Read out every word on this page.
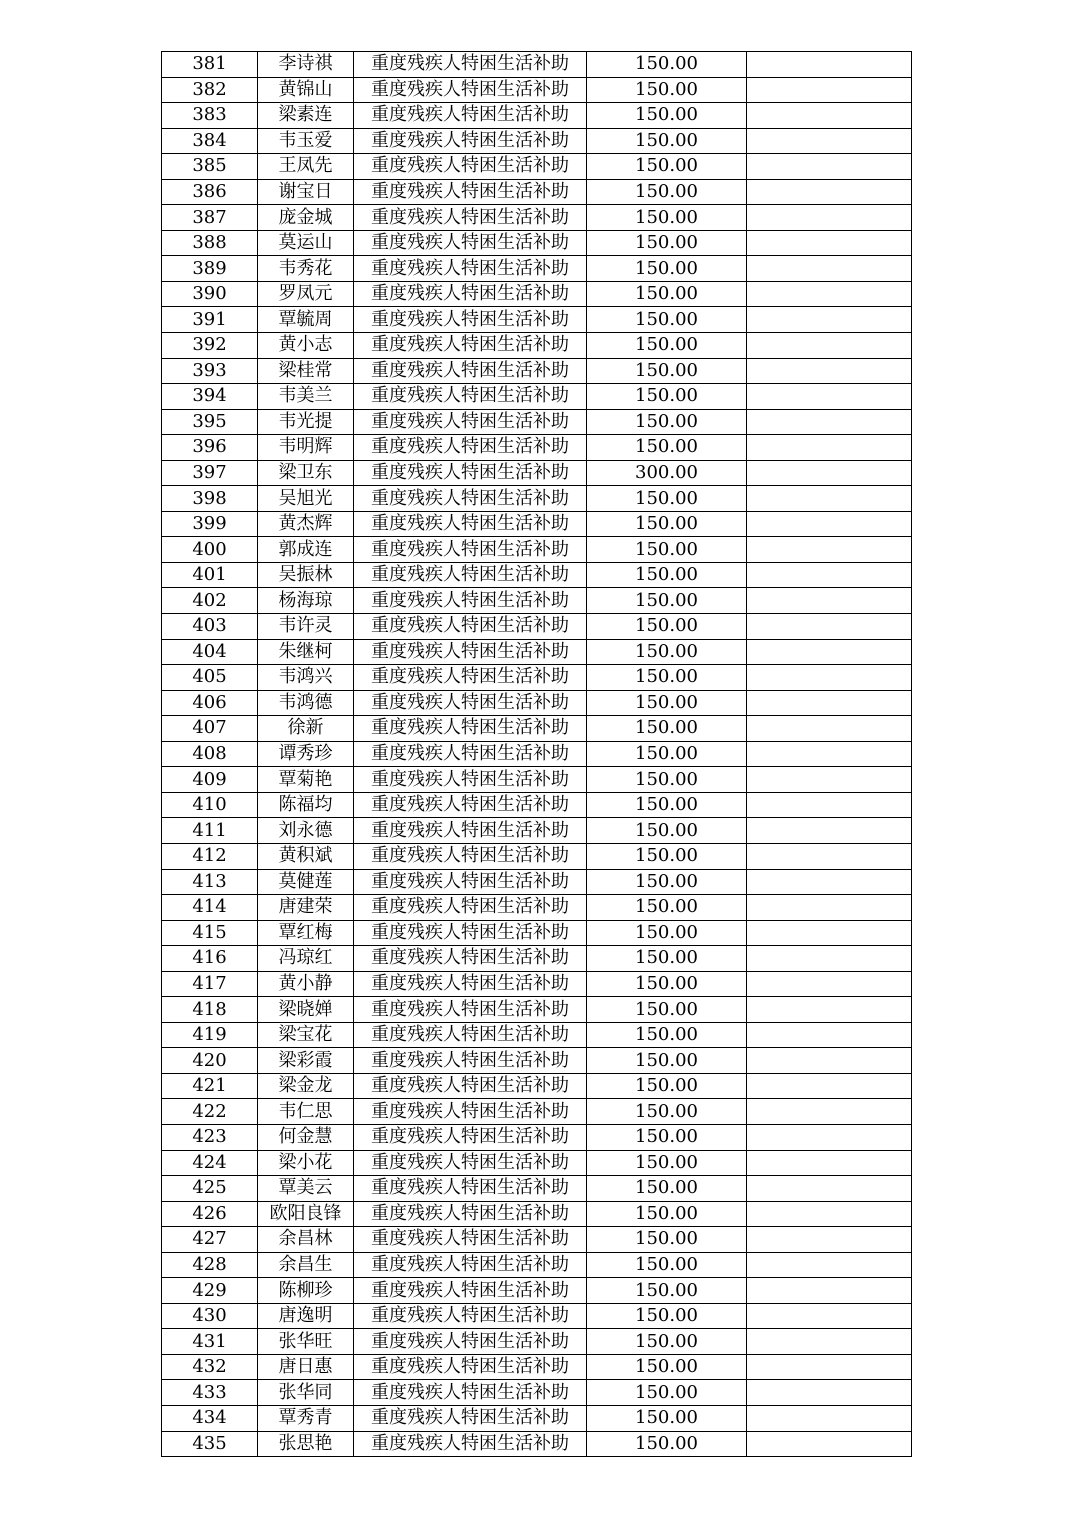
381	李诗祺	重度残疾人特困生活补助	150.00	
382	黄锦山	重度残疾人特困生活补助	150.00	
383	梁素连	重度残疾人特困生活补助	150.00	
384	韦玉爱	重度残疾人特困生活补助	150.00	
385	王凤先	重度残疾人特困生活补助	150.00	
386	谢宝日	重度残疾人特困生活补助	150.00	
387	庞金城	重度残疾人特困生活补助	150.00	
388	莫运山	重度残疾人特困生活补助	150.00	
389	韦秀花	重度残疾人特困生活补助	150.00	
390	罗凤元	重度残疾人特困生活补助	150.00	
391	覃毓周	重度残疾人特困生活补助	150.00	
392	黄小志	重度残疾人特困生活补助	150.00	
393	梁桂常	重度残疾人特困生活补助	150.00	
394	韦美兰	重度残疾人特困生活补助	150.00	
395	韦光提	重度残疾人特困生活补助	150.00	
396	韦明辉	重度残疾人特困生活补助	150.00	
397	梁卫东	重度残疾人特困生活补助	300.00	
398	吴旭光	重度残疾人特困生活补助	150.00	
399	黄杰辉	重度残疾人特困生活补助	150.00	
400	郭成连	重度残疾人特困生活补助	150.00	
401	吴振林	重度残疾人特困生活补助	150.00	
402	杨海琼	重度残疾人特困生活补助	150.00	
403	韦许灵	重度残疾人特困生活补助	150.00	
404	朱继柯	重度残疾人特困生活补助	150.00	
405	韦鸿兴	重度残疾人特困生活补助	150.00	
406	韦鸿德	重度残疾人特困生活补助	150.00	
407	徐新	重度残疾人特困生活补助	150.00	
408	谭秀珍	重度残疾人特困生活补助	150.00	
409	覃菊艳	重度残疾人特困生活补助	150.00	
410	陈福均	重度残疾人特困生活补助	150.00	
411	刘永德	重度残疾人特困生活补助	150.00	
412	黄积斌	重度残疾人特困生活补助	150.00	
413	莫健莲	重度残疾人特困生活补助	150.00	
414	唐建荣	重度残疾人特困生活补助	150.00	
415	覃红梅	重度残疾人特困生活补助	150.00	
416	冯琼红	重度残疾人特困生活补助	150.00	
417	黄小静	重度残疾人特困生活补助	150.00	
418	梁晓婵	重度残疾人特困生活补助	150.00	
419	梁宝花	重度残疾人特困生活补助	150.00	
420	梁彩霞	重度残疾人特困生活补助	150.00	
421	梁金龙	重度残疾人特困生活补助	150.00	
422	韦仁思	重度残疾人特困生活补助	150.00	
423	何金慧	重度残疾人特困生活补助	150.00	
424	梁小花	重度残疾人特困生活补助	150.00	
425	覃美云	重度残疾人特困生活补助	150.00	
426	欧阳良锋	重度残疾人特困生活补助	150.00	
427	余昌林	重度残疾人特困生活补助	150.00	
428	余昌生	重度残疾人特困生活补助	150.00	
429	陈柳珍	重度残疾人特困生活补助	150.00	
430	唐逸明	重度残疾人特困生活补助	150.00	
431	张华旺	重度残疾人特困生活补助	150.00	
432	唐日惠	重度残疾人特困生活补助	150.00	
433	张华同	重度残疾人特困生活补助	150.00	
434	覃秀青	重度残疾人特困生活补助	150.00	
435	张思艳	重度残疾人特困生活补助	150.00	
